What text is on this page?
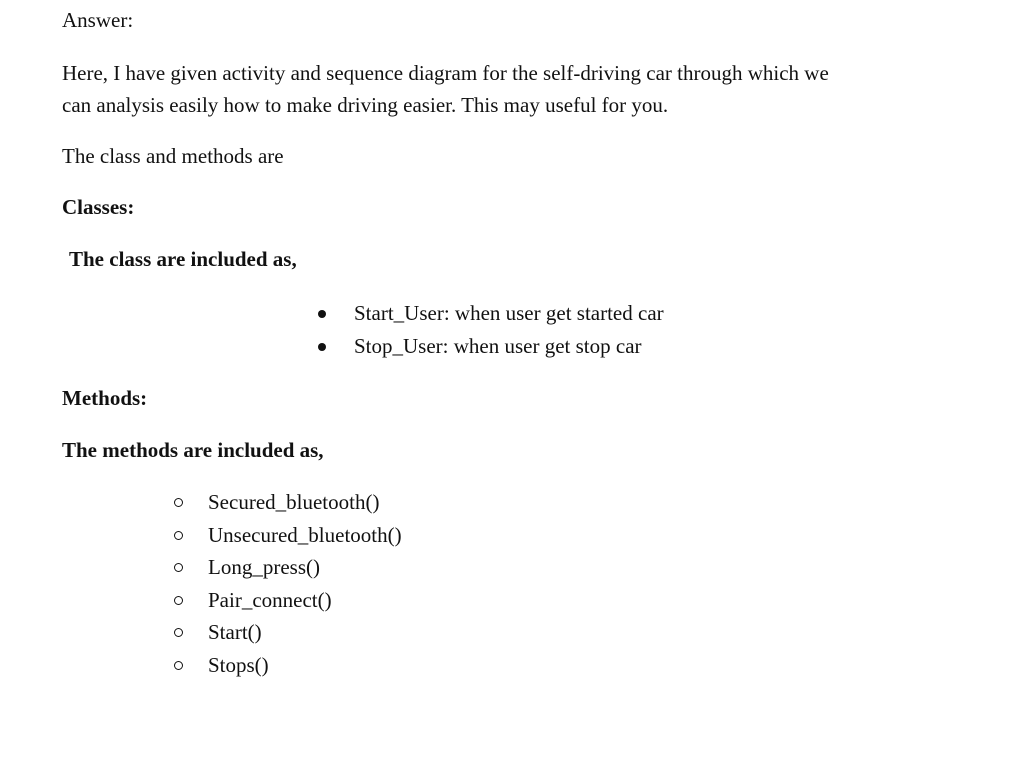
Answer:

Here, I have given activity and sequence diagram for the self-driving car through which we
can analysis easily how to make driving easier. This may useful for you.

The class and methods are

Classes:

The class are included as,

Start_User: when user get started car
Stop_User: when user get stop car

Methods:

The methods are included as,

Secured_bluetooth()
Unsecured_bluetooth()
Long_press()
Pair_connect()
Start()
Stops()
